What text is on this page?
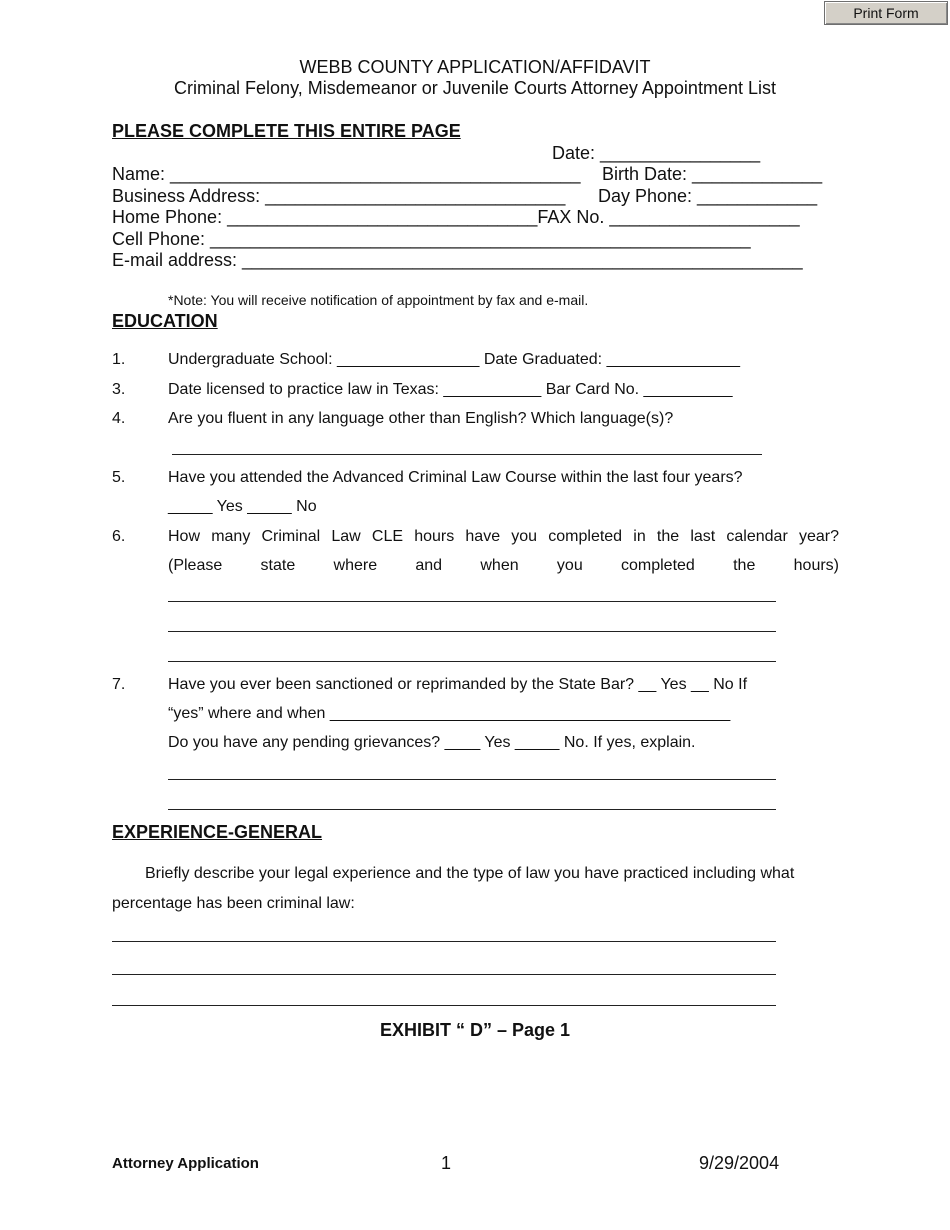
Print Form
WEBB COUNTY APPLICATION/AFFIDAVIT
Criminal Felony, Misdemeanor or Juvenile Courts Attorney Appointment List
PLEASE COMPLETE THIS ENTIRE PAGE
Date: ________________
Name: _________________________________________ Birth Date: _____________
Business Address: ______________________________ Day Phone: ____________
Home Phone: _______________________________FAX No. ___________________
Cell Phone: ______________________________________________________
E-mail address: ________________________________________________________
*Note: You will receive notification of appointment by fax and e-mail.
EDUCATION
1.	Undergraduate School: ________________ Date Graduated: _______________
3.	Date licensed to practice law in Texas: ___________ Bar Card No. __________
4.	Are you fluent in any language other than English? Which language(s)?
5.	Have you attended the Advanced Criminal Law Course within the last four years?
_____ Yes _____ No
6.	How many Criminal Law CLE hours have you completed in the last calendar year?
(Please state where and when you completed the hours)
7.	Have you ever been sanctioned or reprimanded by the State Bar? __ Yes __ No If
“yes” where and when _____________________________________________
Do you have any pending grievances? ____ Yes _____ No. If yes, explain.
EXPERIENCE-GENERAL
Briefly describe your legal experience and the type of law you have practiced including what
percentage has been criminal law:
EXHIBIT “ D” – Page 1
Attorney Application	1	9/29/2004
